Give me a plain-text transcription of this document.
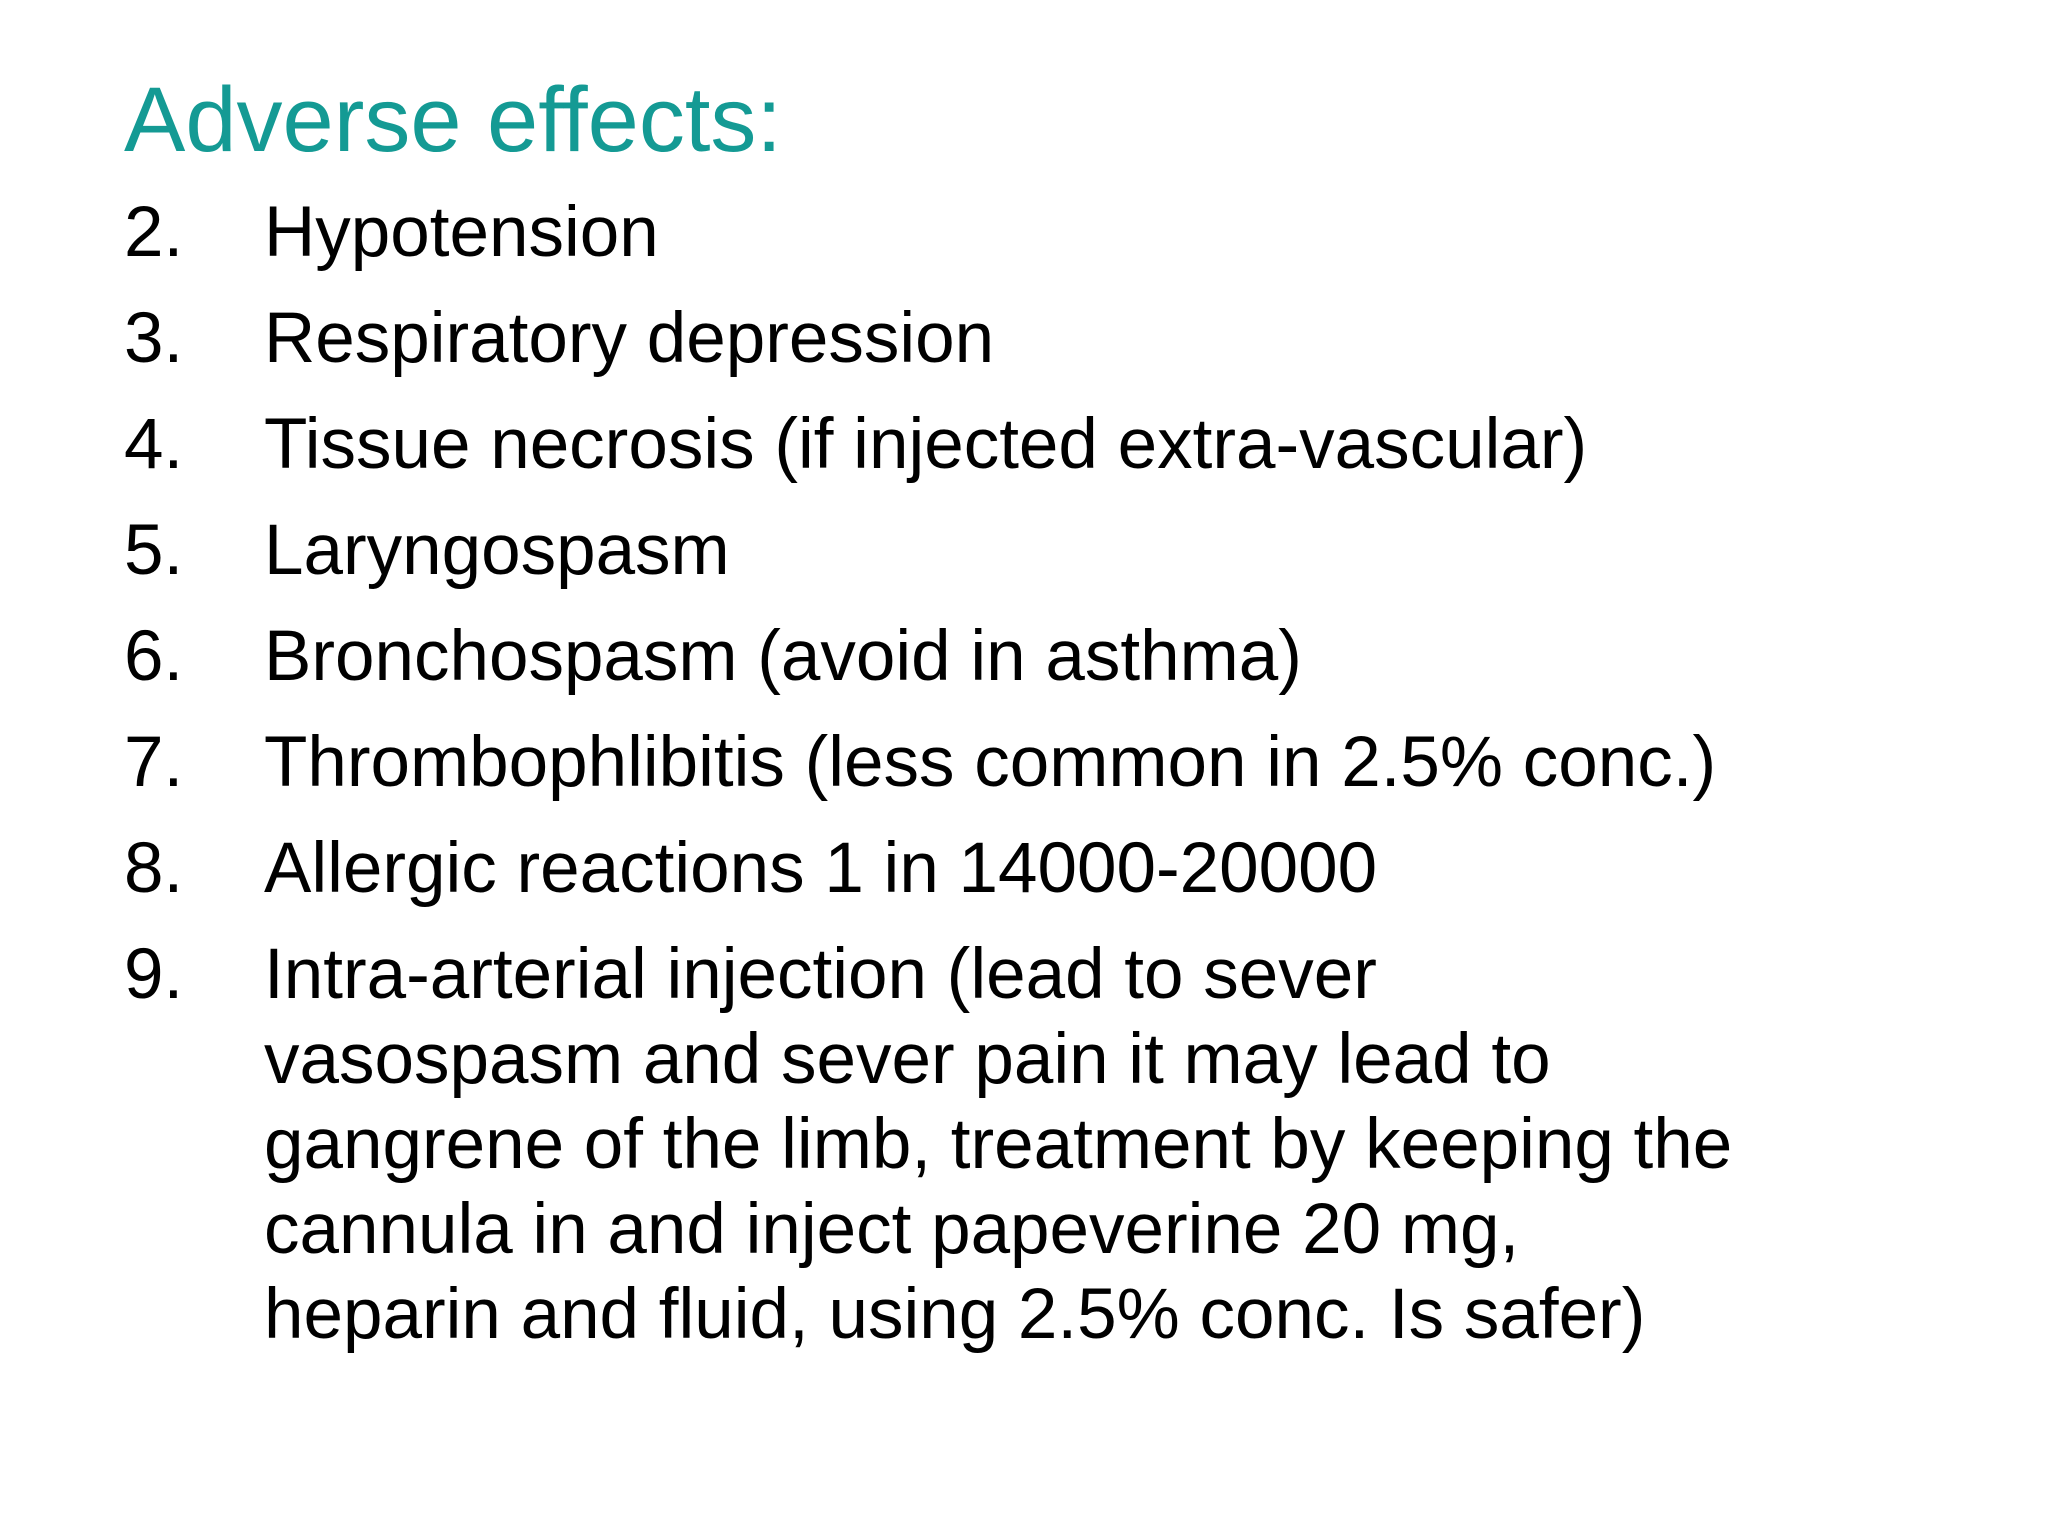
Adverse effects:
2.	Hypotension
3.	Respiratory depression
4.	Tissue necrosis (if injected extra-vascular)
5.	Laryngospasm
6.	Bronchospasm (avoid in asthma)
7.	Thrombophlibitis (less common in 2.5% conc.)
8.	Allergic reactions 1 in 14000-20000
9.	Intra-arterial injection (lead to sever
vasospasm and sever pain it may lead to
gangrene of the limb, treatment by keeping the
cannula in and inject papeverine 20 mg,
heparin and fluid, using 2.5% conc. Is safer)
